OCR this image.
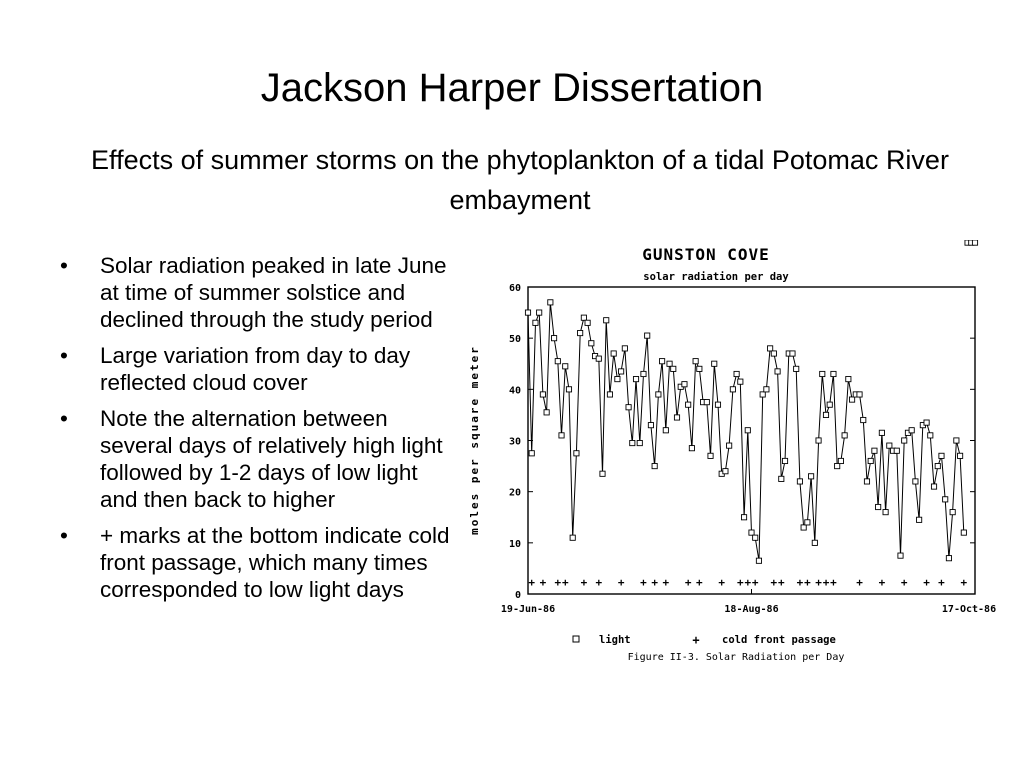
Jackson Harper Dissertation
Effects of summer storms on the phytoplankton of a tidal Potomac River embayment
• Solar radiation peaked in late June at time of summer solstice and declined through the study period
• Large variation from day to day reflected cloud cover
• Note the alternation between several days of relatively high light followed by 1-2 days of low light and then back to higher
• + marks at the bottom indicate cold front passage, which many times corresponded to low light days
GUNSTON COVE
solar radiation per day
moles per square meter
0
10
20
30
40
50
60
19-Jun-86	18-Aug-86	17-Oct-86
+ + + + + + + + + + + + + + + + + + + + + + + + + + + + +
light	+ cold front passage
Figure II-3. Solar Radiation per Day
